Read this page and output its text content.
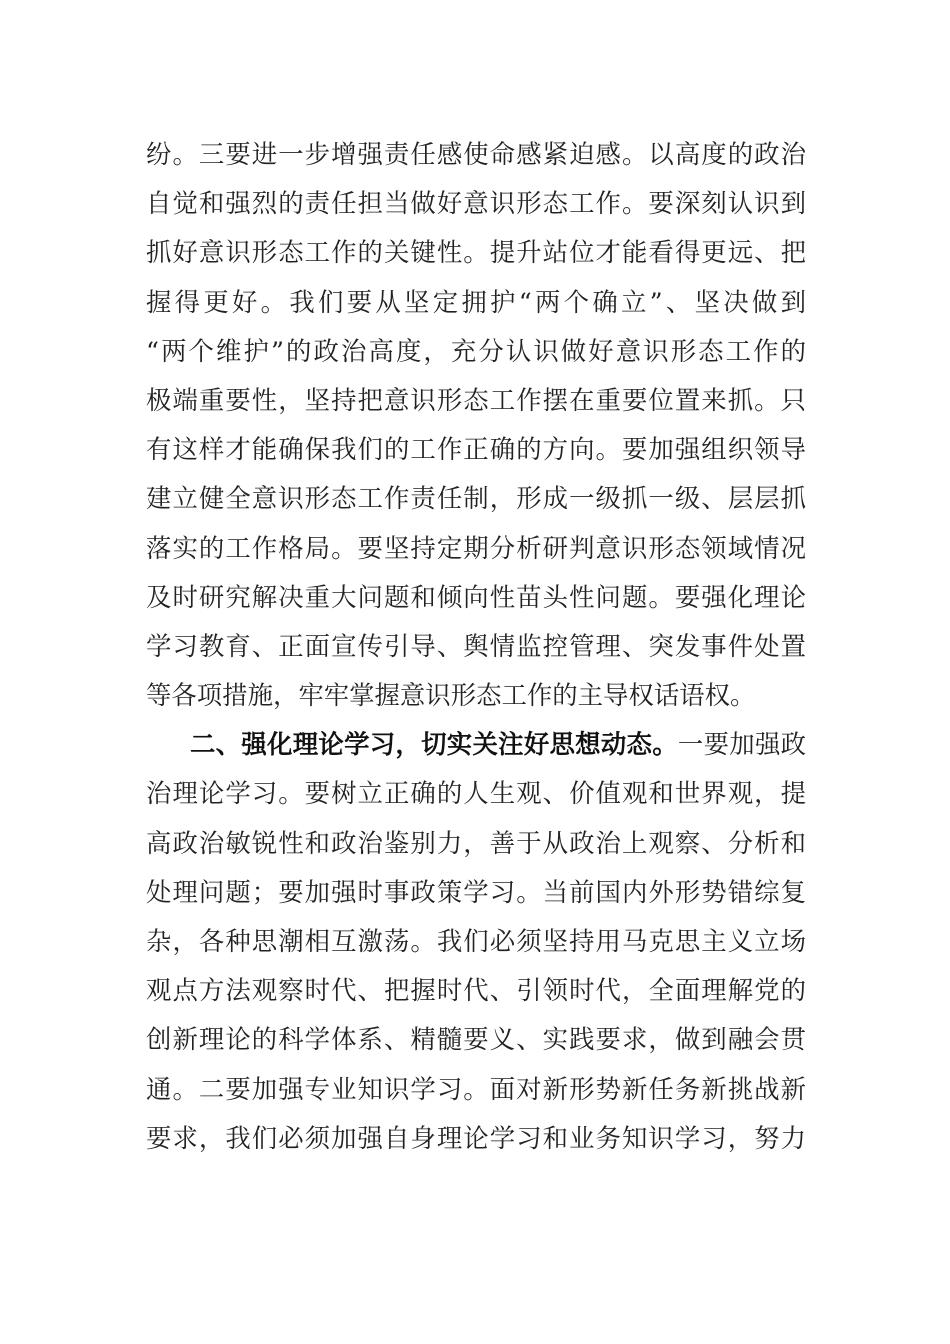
纷。三要进一步增强责任感使命感紧迫感。以高度的政治
自觉和强烈的责任担当做好意识形态工作。要深刻认识到
抓好意识形态工作的关键性。提升站位才能看得更远、把
握得更好。我们要从坚定拥护“两个确立”、坚决做到
“两个维护”的政治高度，充分认识做好意识形态工作的
极端重要性，坚持把意识形态工作摆在重要位置来抓。只
有这样才能确保我们的工作正确的方向。要加强组织领导
建立健全意识形态工作责任制，形成一级抓一级、层层抓
落实的工作格局。要坚持定期分析研判意识形态领域情况
及时研究解决重大问题和倾向性苗头性问题。要强化理论
学习教育、正面宣传引导、舆情监控管理、突发事件处置
等各项措施，牢牢掌握意识形态工作的主导权话语权。
二、强化理论学习，切实关注好思想动态。一要加强政
治理论学习。要树立正确的人生观、价值观和世界观，提
高政治敏锐性和政治鉴别力，善于从政治上观察、分析和
处理问题；要加强时事政策学习。当前国内外形势错综复
杂，各种思潮相互激荡。我们必须坚持用马克思主义立场
观点方法观察时代、把握时代、引领时代，全面理解党的
创新理论的科学体系、精髓要义、实践要求，做到融会贯
通。二要加强专业知识学习。面对新形势新任务新挑战新
要求，我们必须加强自身理论学习和业务知识学习，努力
